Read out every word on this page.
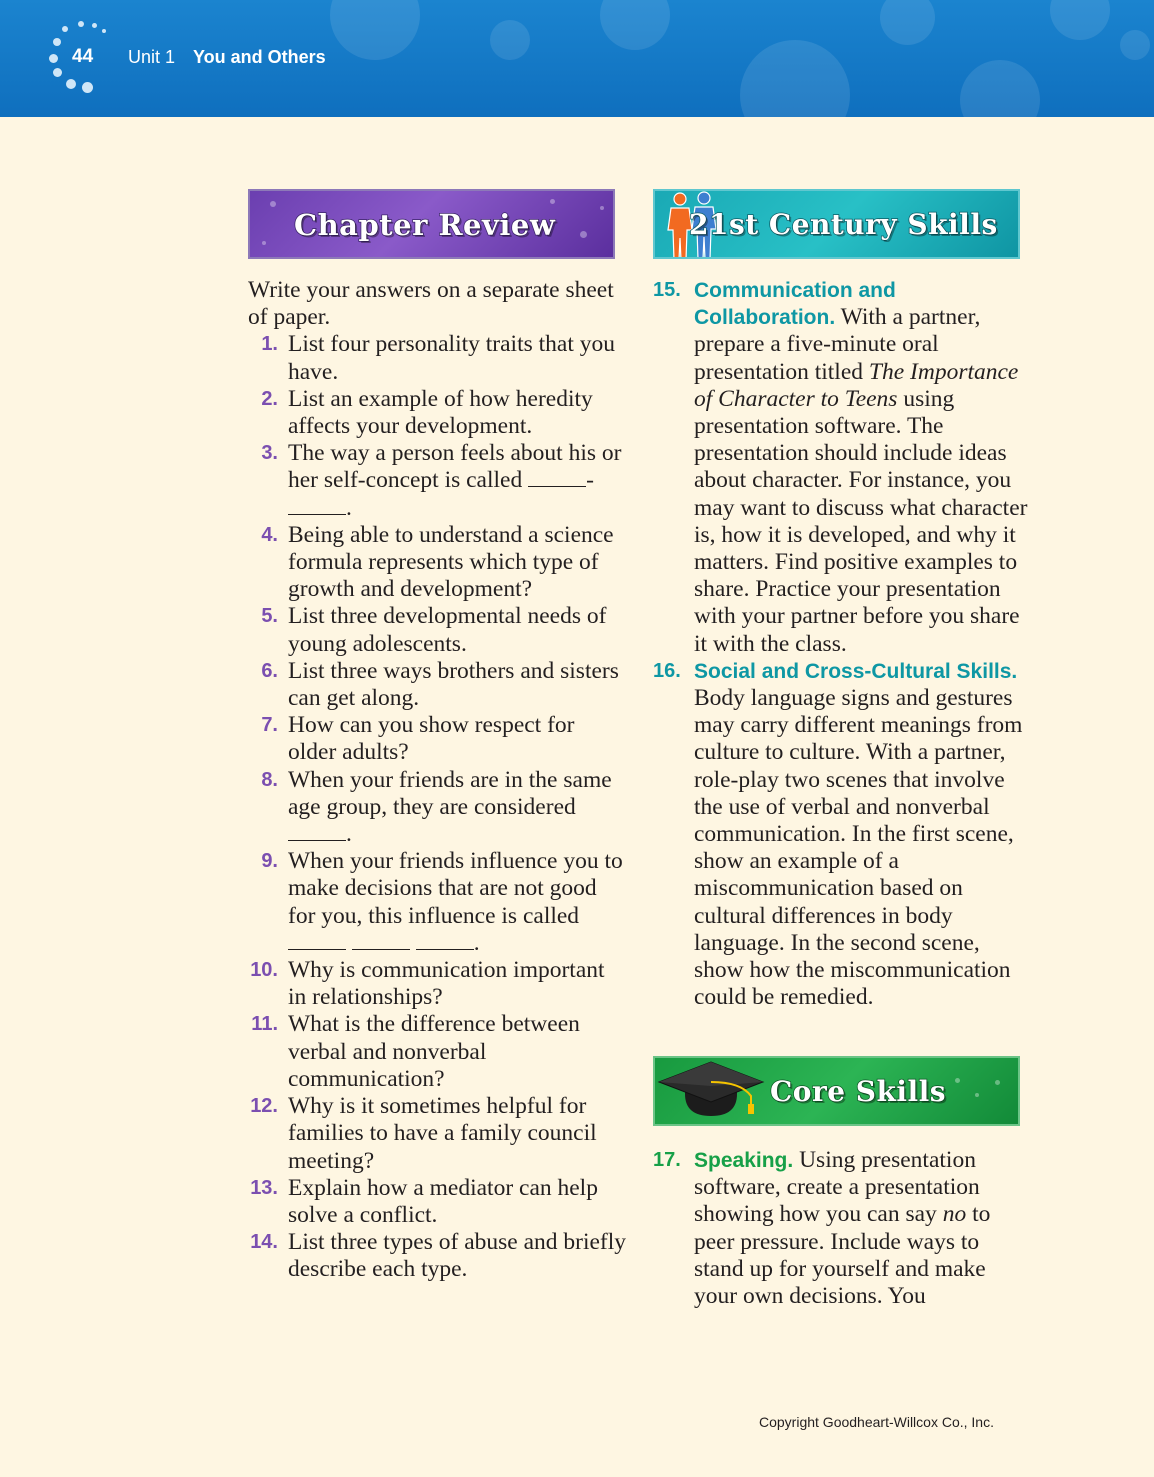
44 Unit 1 You and Others
Chapter Review	21st Century Skills
Core Skills
Write your answers on a separate sheet of paper.
1. List four personality traits that you have.
2. List an example of how heredity affects your development.
3. The way a person feels about his or her self-concept is called	-.
4. Being able to understand a science formula represents which type of growth and development?
5. List three developmental needs of young adolescents.
6. List three ways brothers and sisters can get along.
7. How can you show respect for older adults?
8. When your friends are in the same age group, they are considered .
9. When your friends influence you to make decisions that are not good for you, this influence is called   .
10. Why is communication important in relationships?
11. What is the difference between verbal and nonverbal communication?
12. Why is it sometimes helpful for families to have a family council meeting?
13. Explain how a mediator can help solve a conflict.
14. List three types of abuse and briefly describe each type.
15. Communication and Collaboration. With a partner, prepare a five-minute oral presentation titled The Importance of Character to Teens using presentation software. The presentation should include ideas about character. For instance, you may want to discuss what character is, how it is developed, and why it matters. Find positive examples to share. Practice your presentation with your partner before you share it with the class.
16. Social and Cross-Cultural Skills. Body language signs and gestures may carry different meanings from culture to culture. With a partner, role-play two scenes that involve the use of verbal and nonverbal communication. In the first scene, show an example of a miscommunication based on cultural differences in body language. In the second scene, show how the miscommunication could be remedied.
17. Speaking. Using presentation software, create a presentation showing how you can say no to peer pressure. Include ways to stand up for yourself and make your own decisions. You
Copyright Goodheart-Willcox Co., Inc.
